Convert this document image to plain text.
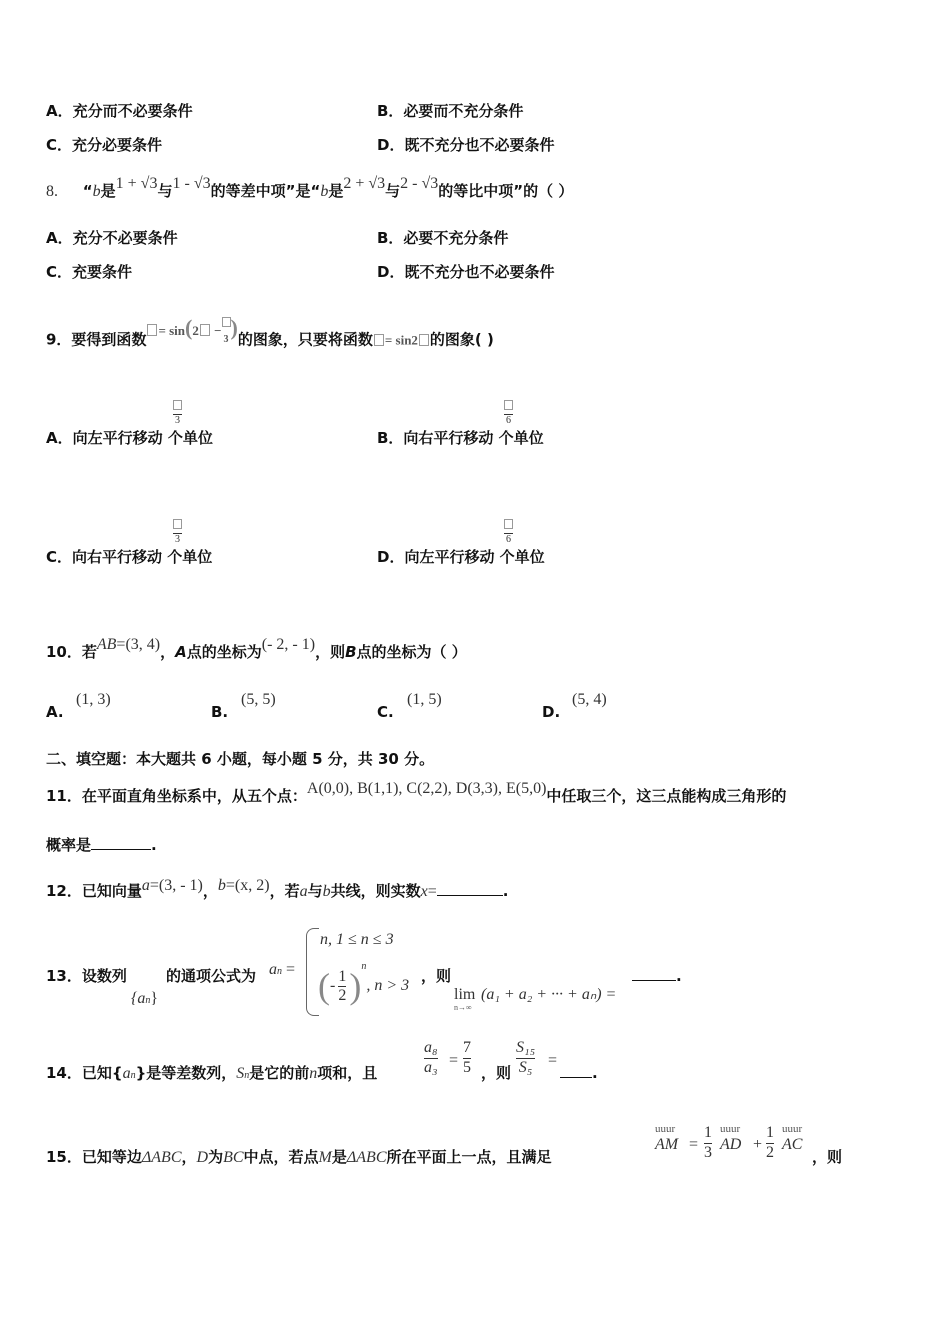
A．充分而不必要条件	B．必要而不充分条件
C．充分必要条件	D．既不充分也不必要条件
8. “b是1 + √3与1 - √3的等差中项”是“b是2 + √3与2 - √3的等比中项”的（ ）
A．充分不必要条件	B．必要不充分条件
C．充要条件	D．既不充分也不必要条件
9．要得到函数= sin(2 −
3)的图象，只要将函数 = sin2 的图象( )
3
A．向左平行移动 个单位
6
B．向右平行移动 个单位
3
C．向右平行移动 个单位
6
D．向左平行移动 个单位
10．若AB=(3, 4)，A点的坐标为(- 2, - 1)，则B点的坐标为（ ）
A.
(1, 3)
B.
(5, 5)
C.
(1, 5)
D.
(5, 4)
二、填空题：本大题共 6 小题，每小题 5 分，共 30 分。
11．在平面直角坐标系中，从五个点：A(0,0), B(1,1), C(2,2), D(3,3), E(5,0)中任取三个，这三点能构成三角形的
概率是	.
12．已知向量a=(3, - 1)，b=(x, 2)，若a与b共线，则实数x=	.
13．设数列
{an}
的通项公式为 an =
n, 1 ≤ n ≤ 3
(- $\frac{1}{2} )^n$, n > 3
，则
lim
n→∞
(a₁ + a₂ + ··· + aₙ) =
.
14．已知{an}是等差数列，Sn是它的前n项和，且
a₈
a₃ =
7
5 ，则
S₁₅
S₅ =
.
15．已知等边ΔABC，D为BC中点，若点M是ΔABC所在平面上一点，且满足
uuur
AM =
1
3
uuur
AD +
1
2
uuur
AC
，则
